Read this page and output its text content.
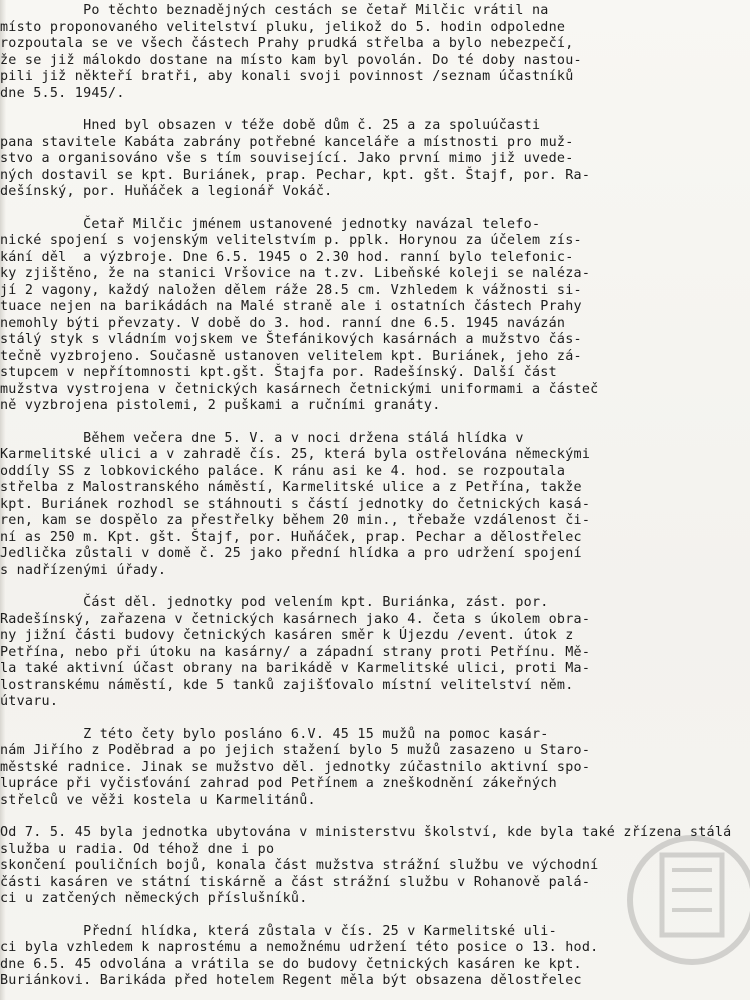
Po těchto beznadějných cestách se četař Milčic vrátil na
místo proponovaného velitelství pluku, jelikož do 5. hodin odpoledne
rozpoutala se ve všech částech Prahy prudká střelba a bylo nebezpečí,
že se již málokdo dostane na místo kam byl povolán. Do té doby nastou-
pili již někteří bratři, aby konali svoji povinnost /seznam účastníků
dne 5.5. 1945/.
Hned byl obsazen v téže době dům č. 25 a za spoluúčasti
pana stavitele Kabáta zabrány potřebné kanceláře a místnosti pro muž-
stvo a organisováno vše s tím související. Jako první mimo již uvede-
ných dostavil se kpt. Buriánek, prap. Pechar, kpt. gšt. Štajf, por. Ra-
dešínský, por. Huňáček a legionář Vokáč.
Četař Milčic jménem ustanovené jednotky navázal telefo-
nické spojení s vojenským velitelstvím p. pplk. Horynou za účelem zís-
kání děl  a výzbroje. Dne 6.5. 1945 o 2.30 hod. ranní bylo telefonic-
ky zjištěno, že na stanici Vršovice na t.zv. Libeňské koleji se naléza-
jí 2 vagony, každý naložen dělem ráže 28.5 cm. Vzhledem k vážnosti si-
tuace nejen na barikádách na Malé straně ale i ostatních částech Prahy
nemohly býti převzaty. V době do 3. hod. ranní dne 6.5. 1945 navázán
stálý styk s vládním vojskem ve Štefánikových kasárnách a mužstvo čás-
tečně vyzbrojeno. Současně ustanoven velitelem kpt. Buriánek, jeho zá-
stupcem v nepřítomnosti kpt.gšt. Štajfa por. Radešínský. Další část
mužstva vystrojena v četnických kasárnech četnickými uniformami a částeč
ně vyzbrojena pistolemi, 2 puškami a ručními granáty.
Během večera dne 5. V. a v noci držena stálá hlídka v
Karmelitské ulici a v zahradě čís. 25, která byla ostřelována německými
oddíly SS z lobkovického paláce. K ránu asi ke 4. hod. se rozpoutala
střelba z Malostranského náměstí, Karmelitské ulice a z Petřína, takže
kpt. Buriánek rozhodl se stáhnouti s částí jednotky do četnických kasá-
ren, kam se dospělo za přestřelky během 20 min., třebaže vzdálenost či-
ní as 250 m. Kpt. gšt. Štajf, por. Huňáček, prap. Pechar a dělostřelec
Jedlička zůstali v domě č. 25 jako přední hlídka a pro udržení spojení
s nadřízenými úřady.
Část děl. jednotky pod velením kpt. Buriánka, zást. por.
Radešínský, zařazena v četnických kasárnech jako 4. četa s úkolem obra-
ny jižní části budovy četnických kasáren směr k Újezdu /event. útok z
Petřína, nebo při útoku na kasárny/ a západní strany proti Petřínu. Mě-
la také aktivní účast obrany na barikádě v Karmelitské ulici, proti Ma-
lostranskému náměstí, kde 5 tanků zajišťovalo místní velitelství něm.
útvaru.
Z této čety bylo posláno 6.V. 45 15 mužů na pomoc kasár-
nám Jiřího z Poděbrad a po jejich stažení bylo 5 mužů zasazeno u Staro-
městské radnice. Jinak se mužstvo děl. jednotky zúčastnilo aktivní spo-
lupráce při vyčisťování zahrad pod Petřínem a zneškodnění zákeřných
střelců ve věži kostela u Karmelitánů.
Od 7. 5. 45 byla jednotka ubytována v ministerstvu školství, kde byla také zřízena stálá služba u radia. Od téhož dne i po
skončení pouličních bojů, konala část mužstva strážní službu ve východní
části kasáren ve státní tiskárně a část strážní službu v Rohanově palá-
ci u zatčených německých příslušníků.
Přední hlídka, která zůstala v čís. 25 v Karmelitské uli-
ci byla vzhledem k naprostému a nemožnému udržení této posice o 13. hod.
dne 6.5. 45 odvolána a vrátila se do budovy četnických kasáren ke kpt.
Buriánkovi. Barikáda před hotelem Regent měla být obsazena dělostřelec
